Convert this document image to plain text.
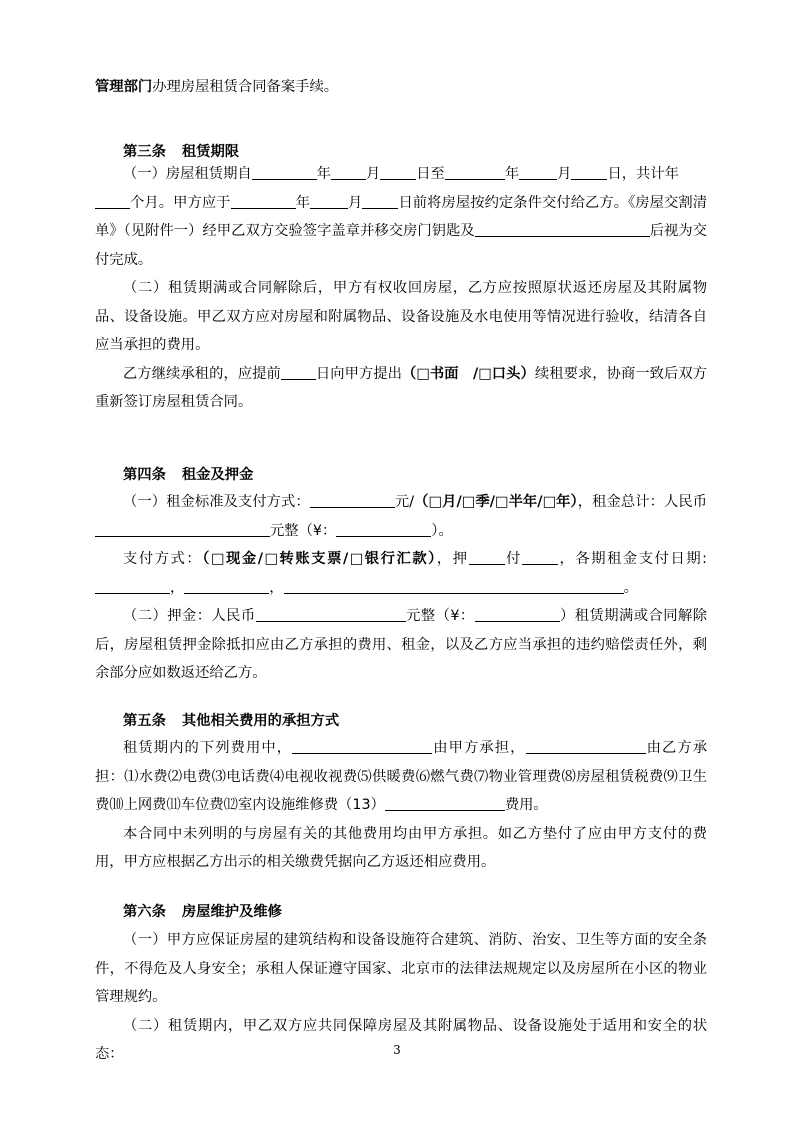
管理部门办理房屋租赁合同备案手续。

第三条 租赁期限

（一）房屋租赁期自	年 月	日至	年	月	日，共计年
个月。甲方应于	年	月	日前将房屋按约定条件交付给乙方。《房屋交割清单》（见附件一）经甲乙双方交验签字盖章并移交房门钥匙及	后视为交付完成。

（二）租赁期满或合同解除后，甲方有权收回房屋，乙方应按照原状返还房屋及其附属物品、设备设施。甲乙双方应对房屋和附属物品、设备设施及水电使用等情况进行验收，结清各自应当承担的费用。

乙方继续承租的，应提前 日向甲方提出（□书面　/□口头）续租要求，协商一致后双方重新签订房屋租赁合同。

第四条 租金及押金

（一）租金标准及支付方式：	元/（□月/□季/□半年/□年），租金总计：人民币元整（¥：	）。

支付方式：（□现金/□转账支票/□银行汇款），押	付	，各期租金支付日期:，	，	。

（二）押金：人民币	元整（¥：	）租赁期满或合同解除后，房屋租赁押金除抵扣应由乙方承担的费用、租金，以及乙方应当承担的违约赔偿责任外，剩余部分应如数返还给乙方。

第五条 其他相关费用的承担方式

租赁期内的下列费用中，	由甲方承担，	由乙方承担：⑴水费⑵电费⑶电话费⑷电视收视费⑸供暖费⑹燃气费⑺物业管理费⑻房屋租赁税费⑼卫生费⑽上网费⑾车位费⑿室内设施维修费（13）	费用。

本合同中未列明的与房屋有关的其他费用均由甲方承担。如乙方垫付了应由甲方支付的费用，甲方应根据乙方出示的相关缴费凭据向乙方返还相应费用。

第六条 房屋维护及维修

（一）甲方应保证房屋的建筑结构和设备设施符合建筑、消防、治安、卫生等方面的安全条件，不得危及人身安全；承租人保证遵守国家、北京市的法律法规规定以及房屋所在小区的物业管理规约。

（二）租赁期内，甲乙双方应共同保障房屋及其附属物品、设备设施处于适用和安全的状态：	3
